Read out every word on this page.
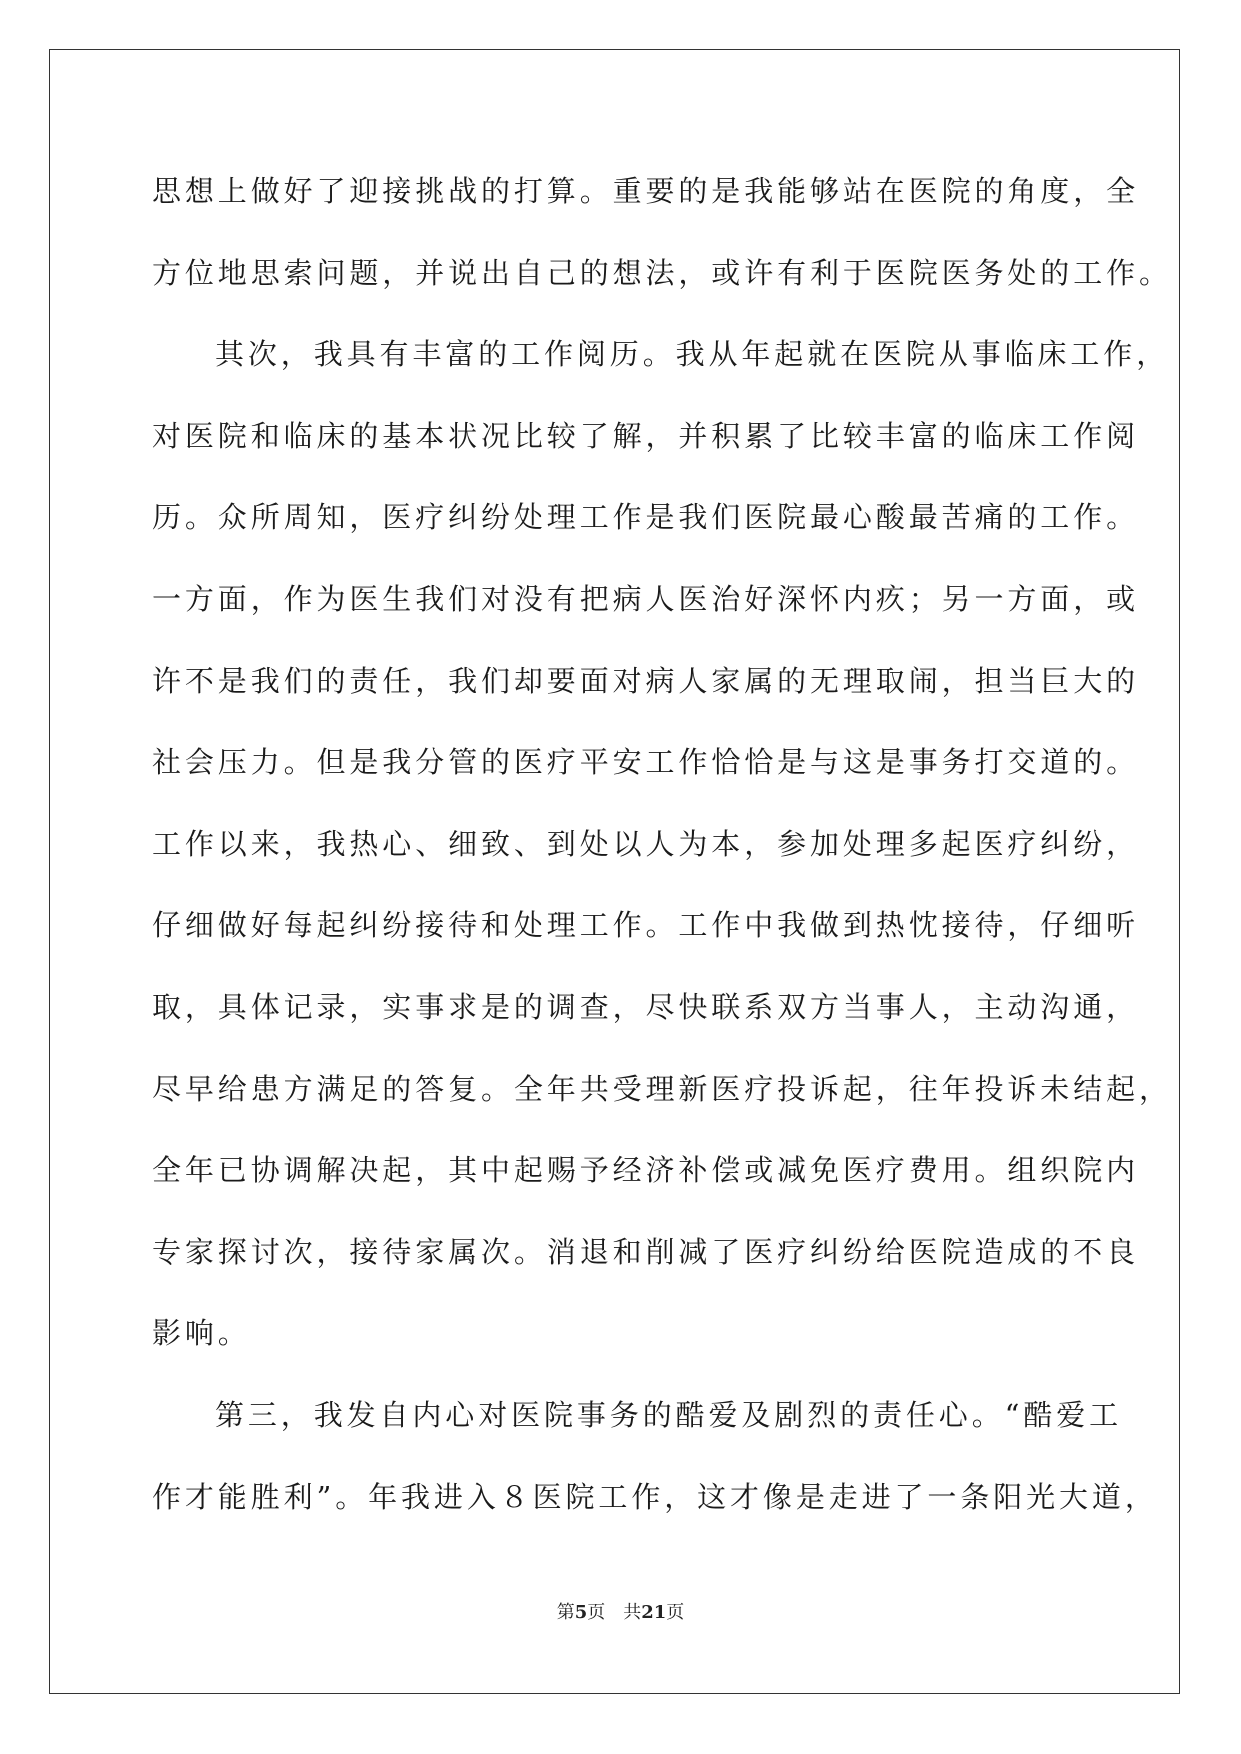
思想上做好了迎接挑战的打算。重要的是我能够站在医院的角度，全
方位地思索问题，并说出自己的想法，或许有利于医院医务处的工作。
其次，我具有丰富的工作阅历。我从年起就在医院从事临床工作，
对医院和临床的基本状况比较了解，并积累了比较丰富的临床工作阅
历。众所周知，医疗纠纷处理工作是我们医院最心酸最苦痛的工作。
一方面，作为医生我们对没有把病人医治好深怀内疚；另一方面，或
许不是我们的责任，我们却要面对病人家属的无理取闹，担当巨大的
社会压力。但是我分管的医疗平安工作恰恰是与这是事务打交道的。
工作以来，我热心、细致、到处以人为本，参加处理多起医疗纠纷，
仔细做好每起纠纷接待和处理工作。工作中我做到热忱接待，仔细听
取，具体记录，实事求是的调查，尽快联系双方当事人，主动沟通，
尽早给患方满足的答复。全年共受理新医疗投诉起，往年投诉未结起，
全年已协调解决起，其中起赐予经济补偿或减免医疗费用。组织院内
专家探讨次，接待家属次。消退和削减了医疗纠纷给医院造成的不良
影响。
第三，我发自内心对医院事务的酷爱及剧烈的责任心。“酷爱工
作才能胜利”。年我进入８医院工作，这才像是走进了一条阳光大道，
第5页 共21页
